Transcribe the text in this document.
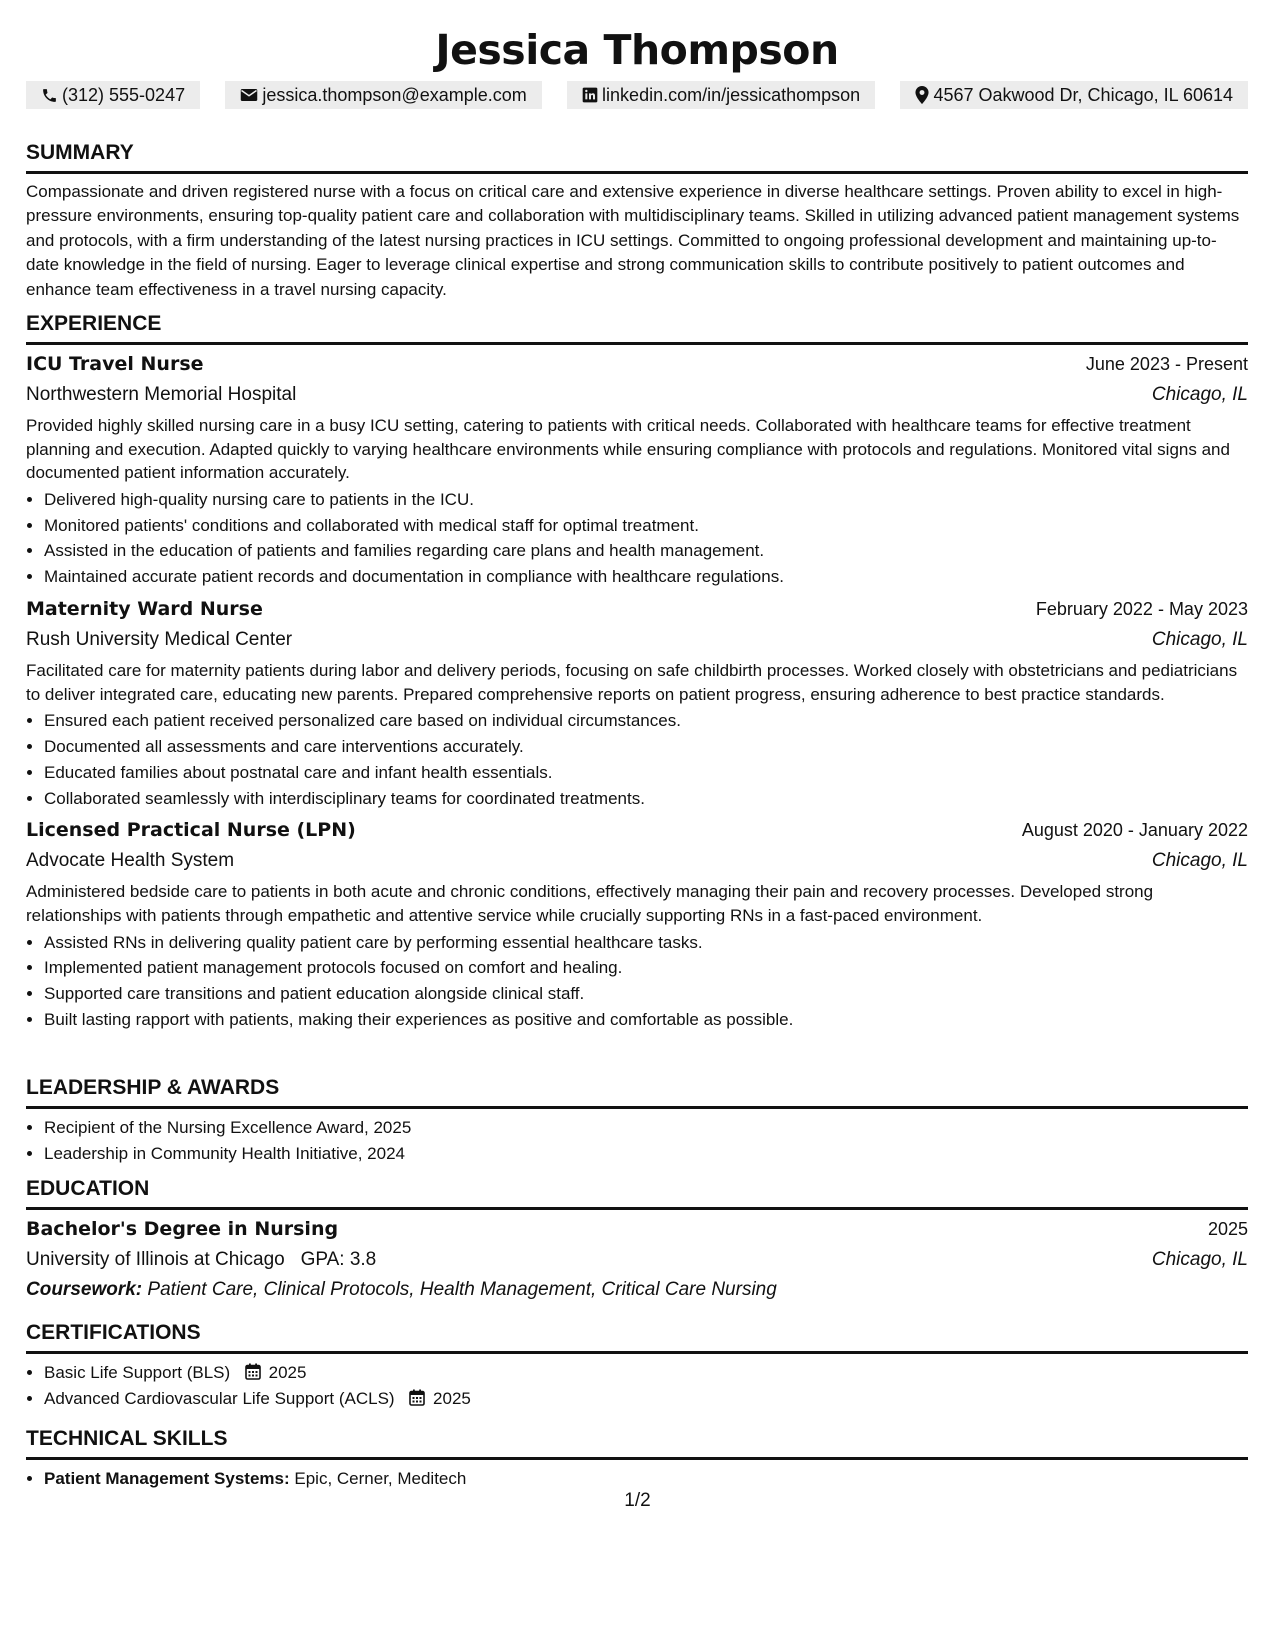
Jessica Thompson
(312) 555-0247	jessica.thompson@example.com	linkedin.com/in/jessicathompson	4567 Oakwood Dr, Chicago, IL 60614
SUMMARY
Compassionate and driven registered nurse with a focus on critical care and extensive experience in diverse healthcare settings. Proven ability to excel in high-pressure environments, ensuring top-quality patient care and collaboration with multidisciplinary teams. Skilled in utilizing advanced patient management systems and protocols, with a firm understanding of the latest nursing practices in ICU settings. Committed to ongoing professional development and maintaining up-to-date knowledge in the field of nursing. Eager to leverage clinical expertise and strong communication skills to contribute positively to patient outcomes and enhance team effectiveness in a travel nursing capacity.
EXPERIENCE
ICU Travel Nurse	June 2023 - Present
Northwestern Memorial Hospital	Chicago, IL
Provided highly skilled nursing care in a busy ICU setting, catering to patients with critical needs. Collaborated with healthcare teams for effective treatment planning and execution. Adapted quickly to varying healthcare environments while ensuring compliance with protocols and regulations. Monitored vital signs and documented patient information accurately.
• Delivered high-quality nursing care to patients in the ICU.
• Monitored patients' conditions and collaborated with medical staff for optimal treatment.
• Assisted in the education of patients and families regarding care plans and health management.
• Maintained accurate patient records and documentation in compliance with healthcare regulations.
Maternity Ward Nurse	February 2022 - May 2023
Rush University Medical Center	Chicago, IL
Facilitated care for maternity patients during labor and delivery periods, focusing on safe childbirth processes. Worked closely with obstetricians and pediatricians to deliver integrated care, educating new parents. Prepared comprehensive reports on patient progress, ensuring adherence to best practice standards.
• Ensured each patient received personalized care based on individual circumstances.
• Documented all assessments and care interventions accurately.
• Educated families about postnatal care and infant health essentials.
• Collaborated seamlessly with interdisciplinary teams for coordinated treatments.
Licensed Practical Nurse (LPN)	August 2020 - January 2022
Advocate Health System	Chicago, IL
Administered bedside care to patients in both acute and chronic conditions, effectively managing their pain and recovery processes. Developed strong relationships with patients through empathetic and attentive service while crucially supporting RNs in a fast-paced environment.
• Assisted RNs in delivering quality patient care by performing essential healthcare tasks.
• Implemented patient management protocols focused on comfort and healing.
• Supported care transitions and patient education alongside clinical staff.
• Built lasting rapport with patients, making their experiences as positive and comfortable as possible.
LEADERSHIP & AWARDS
• Recipient of the Nursing Excellence Award, 2025
• Leadership in Community Health Initiative, 2024
EDUCATION
Bachelor's Degree in Nursing	2025
University of Illinois at Chicago GPA: 3.8	Chicago, IL
Coursework: Patient Care, Clinical Protocols, Health Management, Critical Care Nursing
CERTIFICATIONS
• Basic Life Support (BLS) 2025
• Advanced Cardiovascular Life Support (ACLS) 2025
TECHNICAL SKILLS
• Patient Management Systems: Epic, Cerner, Meditech
1/2
